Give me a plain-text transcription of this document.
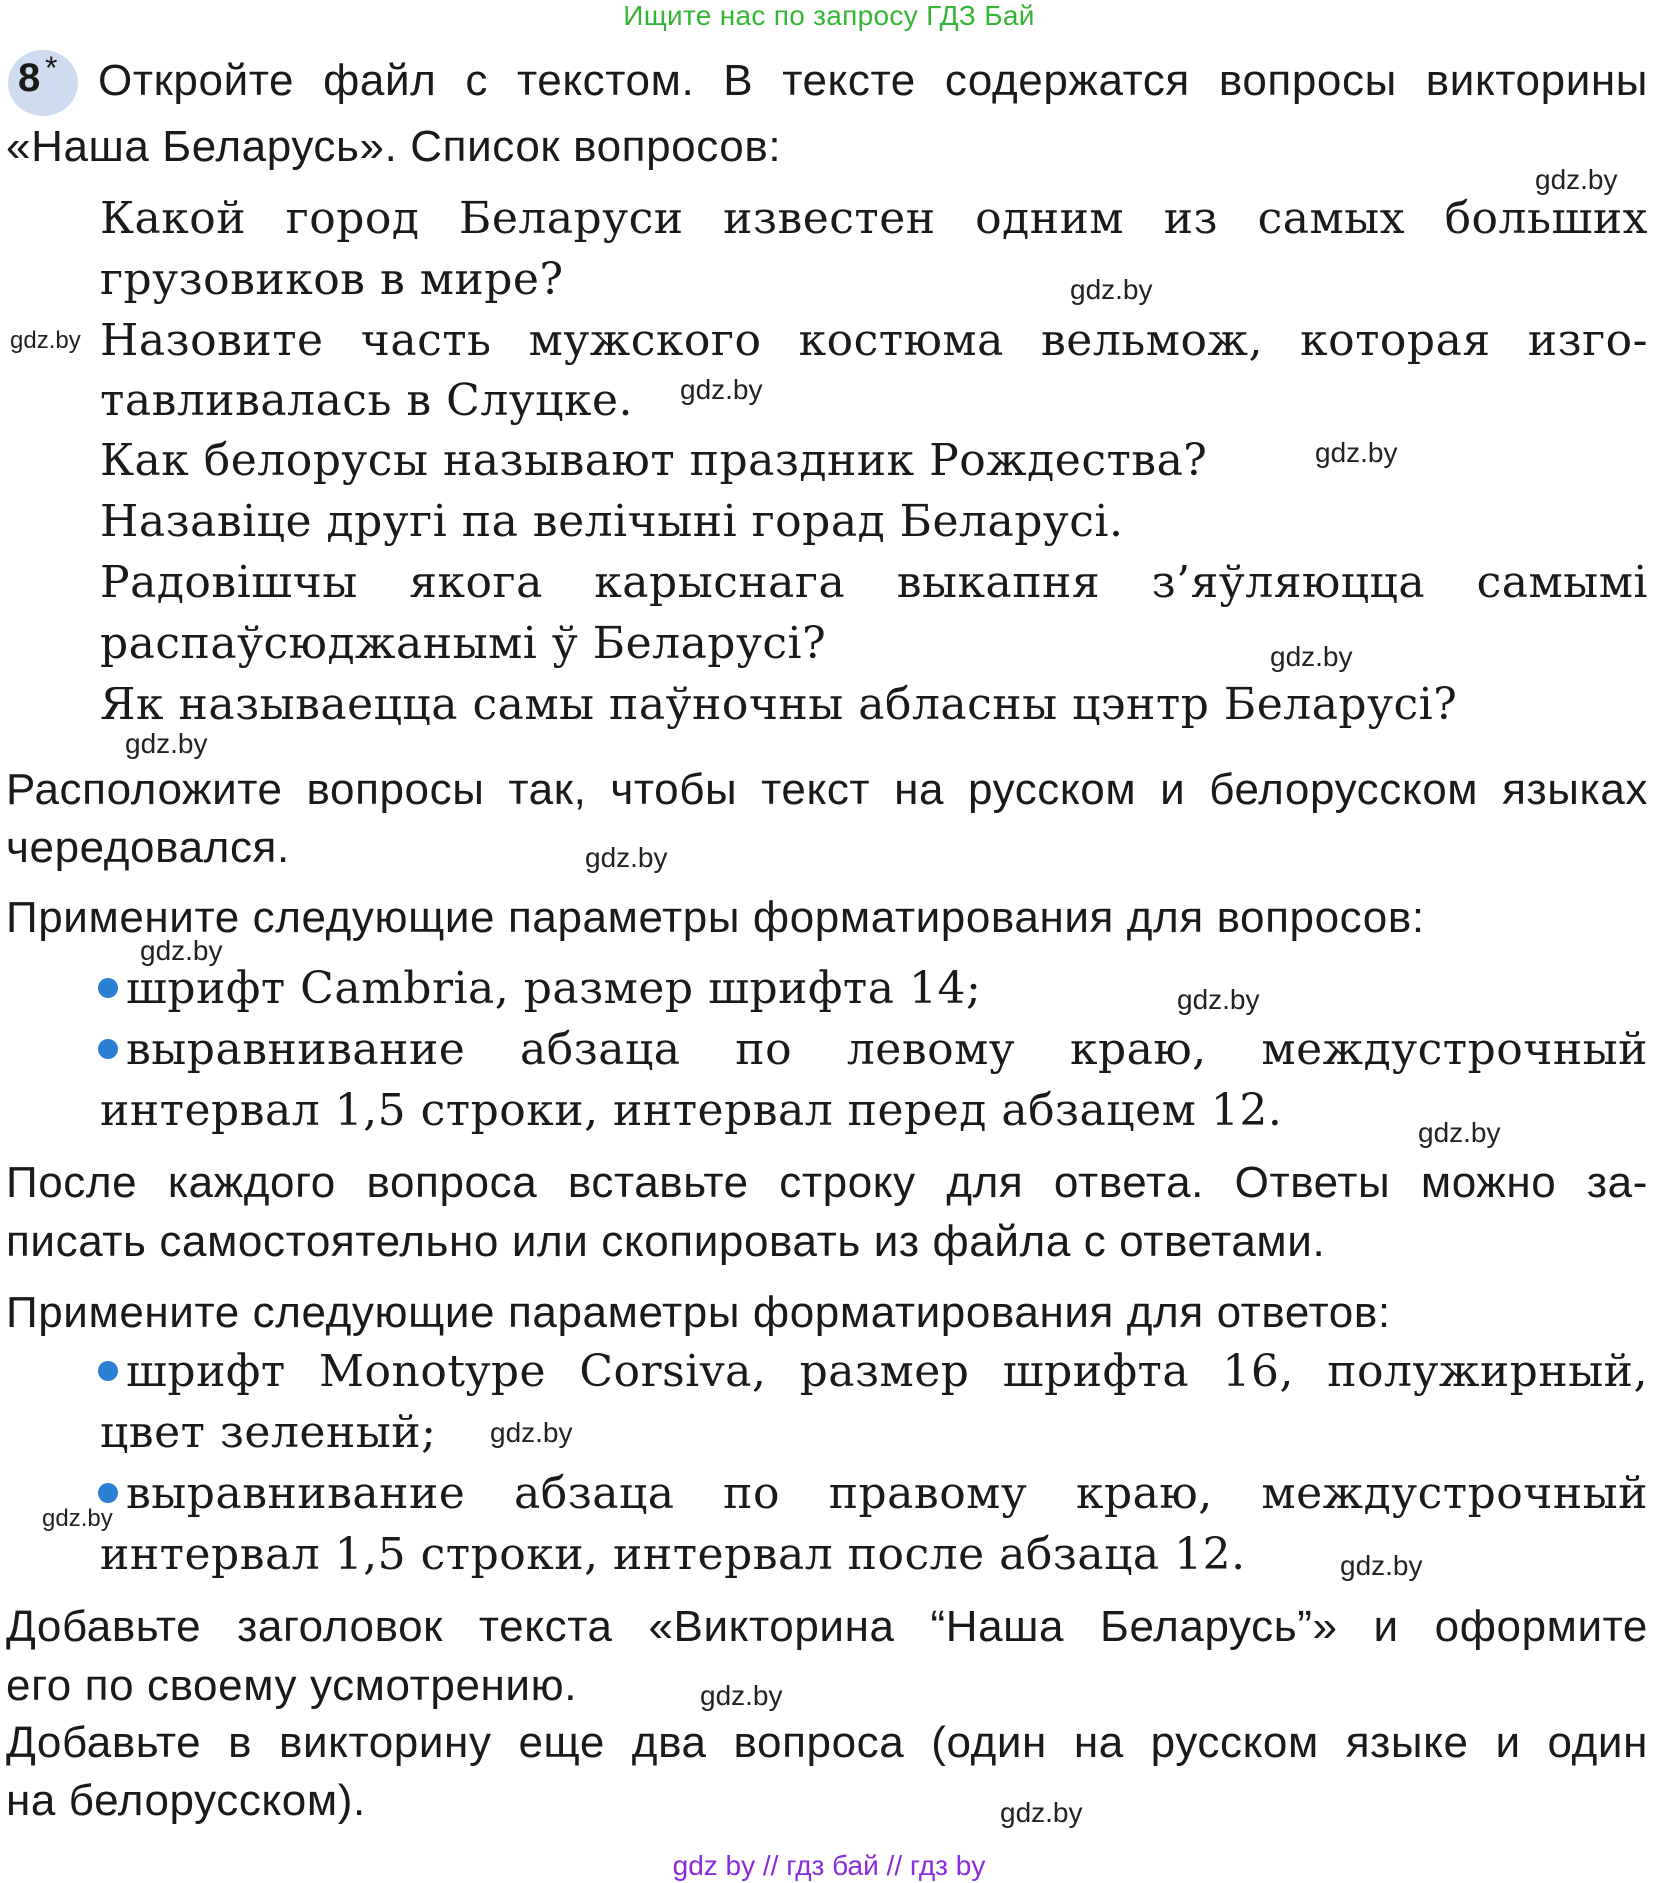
Ищите нас по запросу ГДЗ Бай
8 * Откройте файл с текстом. В тексте содержатся вопросы викторины
«Наша Беларусь». Список вопросов:
Какой город Беларуси известен одним из самых больших
грузовиков в мире?
Назовите часть мужского костюма вельмож, которая изго-
тавливалась в Слуцке.
Как белорусы называют праздник Рождества?
Назавіце другі па велічыні горад Беларусі.
Радовішчы якога карыснага выкапня з’яўляюцца самымі
распаўсюджанымі ў Беларусі?
Як называецца самы паўночны абласны цэнтр Беларусі?
Расположите вопросы так, чтобы текст на русском и белорусском языках
чередовался.
Примените следующие параметры форматирования для вопросов:
шрифт Cambria, размер шрифта 14;
выравнивание абзаца по левому краю, междустрочный
интервал 1,5 строки, интервал перед абзацем 12.
После каждого вопроса вставьте строку для ответа. Ответы можно за-
писать самостоятельно или скопировать из файла с ответами.
Примените следующие параметры форматирования для ответов:
шрифт Monotype Corsiva, размер шрифта 16, полужирный,
цвет зеленый;
выравнивание абзаца по правому краю, междустрочный
интервал 1,5 строки, интервал после абзаца 12.
Добавьте заголовок текста «Викторина “Наша Беларусь”» и оформите
его по своему усмотрению.
Добавьте в викторину еще два вопроса (один на русском языке и один
на белорусском).
gdz.by
gdz.by
gdz.by
gdz.by
gdz.by
gdz.by
gdz.by
gdz.by
gdz.by
gdz.by
gdz.by
gdz.by
gdz.by
gdz.by
gdz.by
gdz.by
gdz by // гдз бай // гдз by
